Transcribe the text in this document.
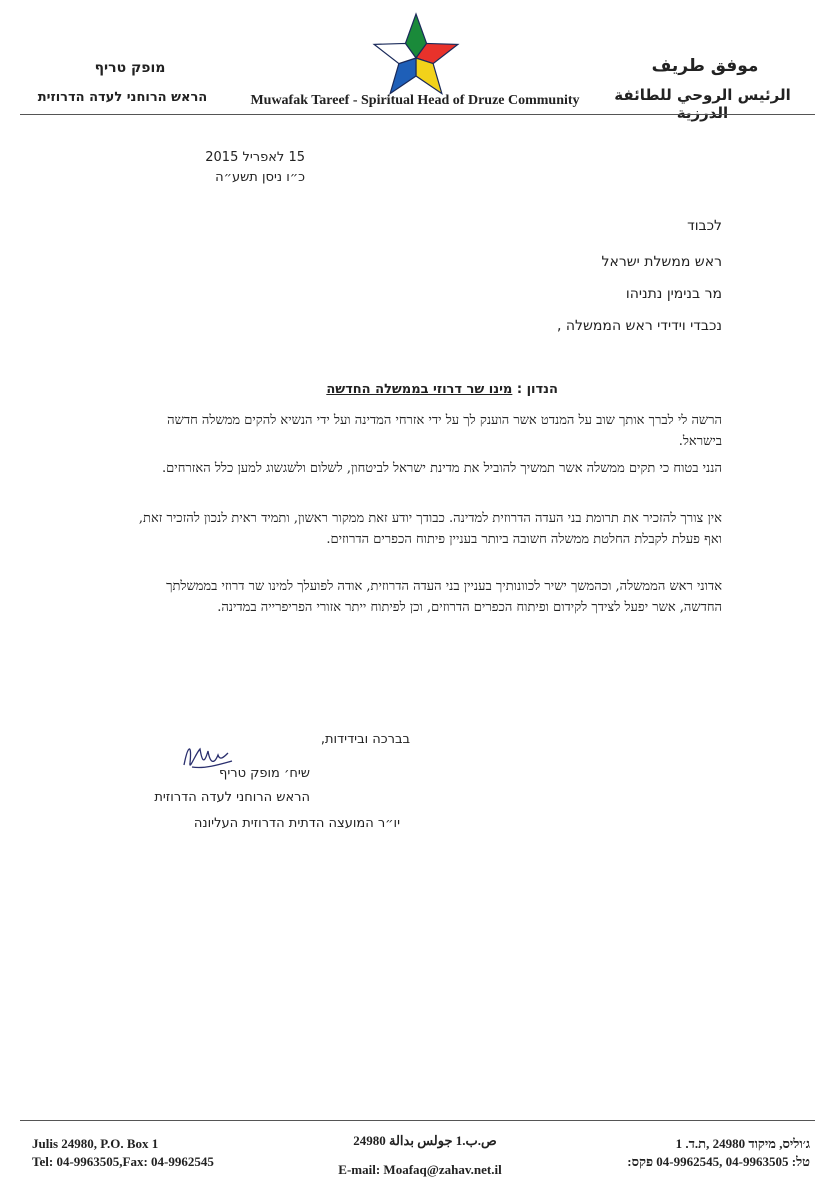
מופק טריף
הראש הרוחני לעדה הדרוזית	Muwafak Tareef - Spiritual Head of Druze Community
موفق طريف
الرئيس الروحي للطائفة الدرزية
15 לאפריל 2015
כ״ו ניסן תשע״ה
לכבוד
ראש ממשלת ישראל
מר בנימין נתניהו
נכבדי וידידי ראש הממשלה ,
הנדון : מינו שר דרוזי בממשלה החדשה
הרשה לי לברך אותך שוב על המנדט אשר הוענק לך על ידי אזרחי המדינה ועל ידי הנשיא להקים ממשלה חדשה בישראל.
הנני בטוח כי תקים ממשלה אשר תמשיך להוביל את מדינת ישראל לביטחון, לשלום ולשגשוג למען כלל האזרחים.
אין צורך להזכיר את תרומת בני העדה הדרוזית למדינה. כבודך יודע זאת ממקור ראשון, ותמיד ראית לנכון להזכיר זאת, ואף פעלת לקבלת החלטת ממשלה חשובה ביותר בעניין פיתוח הכפרים הדרוזים.
אדוני ראש הממשלה, וכהמשך ישיר לכוונותיך בעניין בני העדה הדרוזית, אודה לפועלך למינו שר דרוזי בממשלתך החדשה, אשר יפעל לצידך לקידום ופיתוח הכפרים הדרוזים, וכן לפיתוח ייתר אזורי הפריפרייה במדינה.
בברכה ובידידות,
שיח׳ מופק טריף
הראש הרוחני לעדה הדרוזית
יו״ר המועצה הדתית הדרוזית העליונה
Julis 24980, P.O. Box 1
Tel: 04-9963505,Fax: 04-9962545
ص.ب.1 جولس بدالة 24980
E-mail: Moafaq@zahav.net.il
ג׳וליס, מיקוד 24980 ,ת.ד. 1
טל: 04-9963505 ,04-9962545 פקס:
